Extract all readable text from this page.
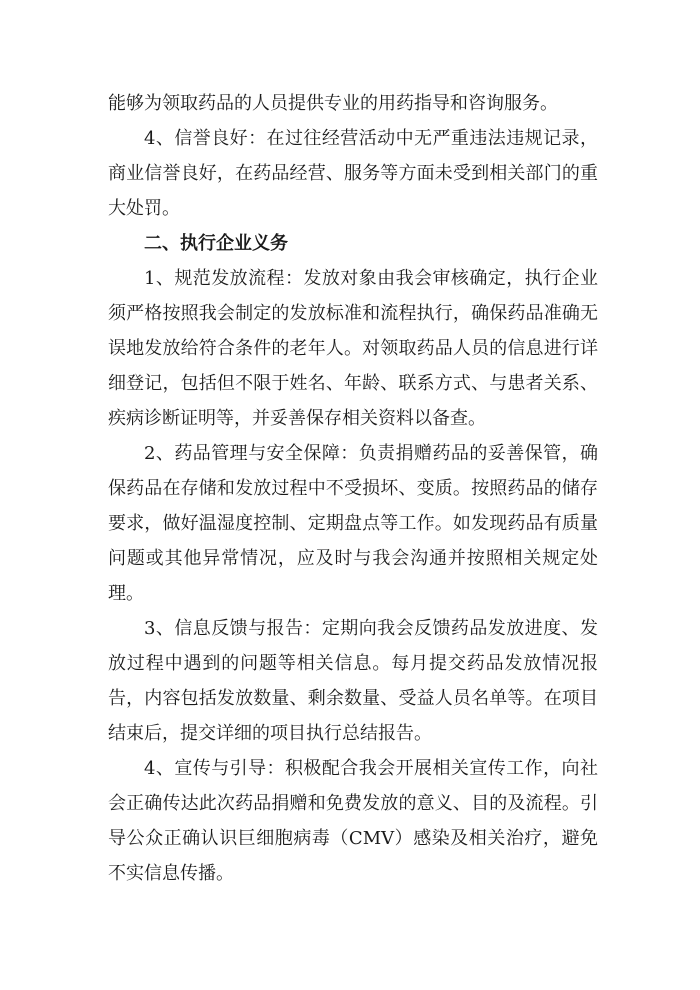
能够为领取药品的人员提供专业的用药指导和咨询服务。

4、信誉良好：在过往经营活动中无严重违法违规记录，商业信誉良好，在药品经营、服务等方面未受到相关部门的重大处罚。

二、执行企业义务

1、规范发放流程：发放对象由我会审核确定，执行企业须严格按照我会制定的发放标准和流程执行，确保药品准确无误地发放给符合条件的老年人。对领取药品人员的信息进行详细登记，包括但不限于姓名、年龄、联系方式、与患者关系、疾病诊断证明等，并妥善保存相关资料以备查。

2、药品管理与安全保障：负责捐赠药品的妥善保管，确保药品在存储和发放过程中不受损坏、变质。按照药品的储存要求，做好温湿度控制、定期盘点等工作。如发现药品有质量问题或其他异常情况，应及时与我会沟通并按照相关规定处理。

3、信息反馈与报告：定期向我会反馈药品发放进度、发放过程中遇到的问题等相关信息。每月提交药品发放情况报告，内容包括发放数量、剩余数量、受益人员名单等。在项目结束后，提交详细的项目执行总结报告。

4、宣传与引导：积极配合我会开展相关宣传工作，向社会正确传达此次药品捐赠和免费发放的意义、目的及流程。引导公众正确认识巨细胞病毒（CMV）感染及相关治疗，避免不实信息传播。
